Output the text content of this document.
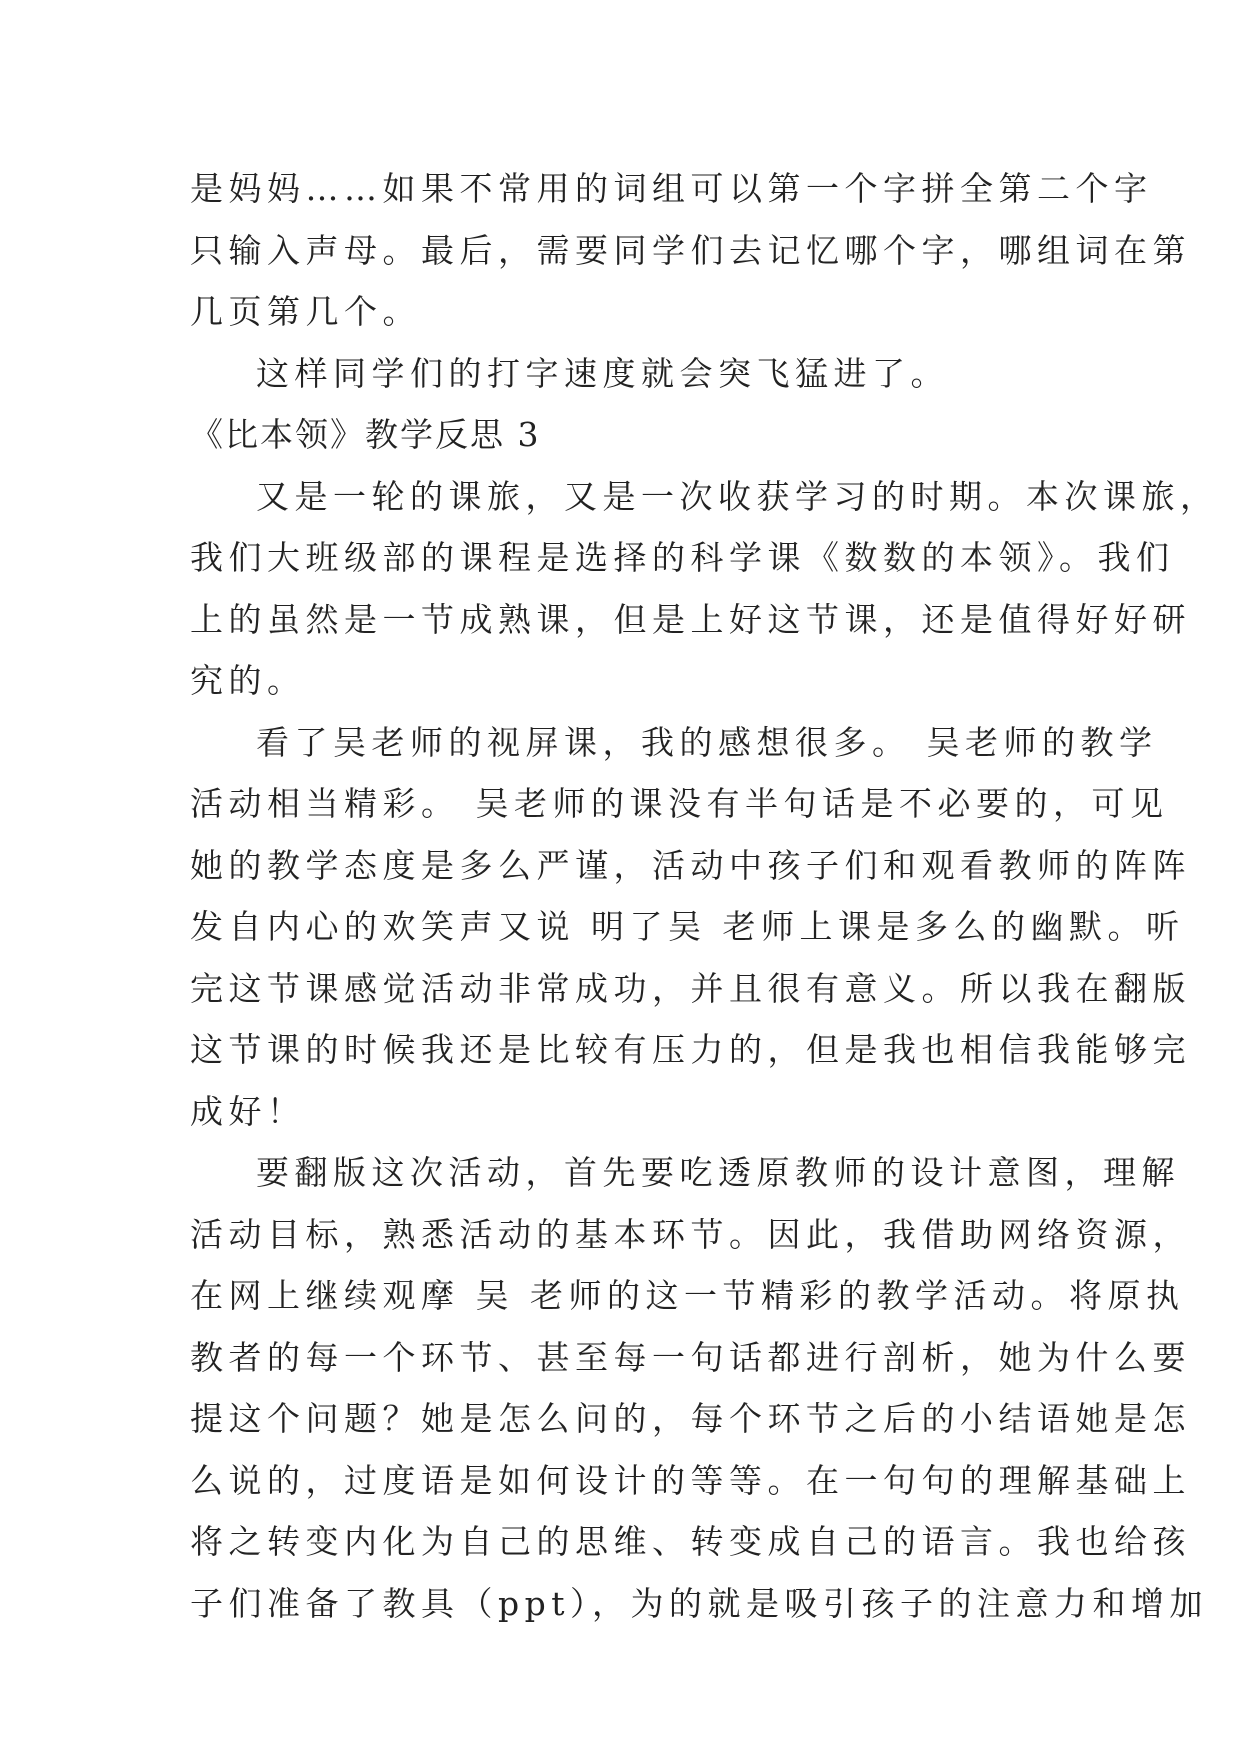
是妈妈……如果不常用的词组可以第一个字拼全第二个字
只输入声母。最后，需要同学们去记忆哪个字，哪组词在第
几页第几个。
这样同学们的打字速度就会突飞猛进了。
《比本领》教学反思 3
又是一轮的课旅，又是一次收获学习的时期。本次课旅，
我们大班级部的课程是选择的科学课《数数的本领》。我们
上的虽然是一节成熟课，但是上好这节课，还是值得好好研
究的。
看了吴老师的视屏课，我的感想很多。 吴老师的教学
活动相当精彩。 吴老师的课没有半句话是不必要的，可见
她的教学态度是多么严谨，活动中孩子们和观看教师的阵阵
发自内心的欢笑声又说 明了吴 老师上课是多么的幽默。听
完这节课感觉活动非常成功，并且很有意义。所以我在翻版
这节课的时候我还是比较有压力的，但是我也相信我能够完
成好！
要翻版这次活动，首先要吃透原教师的设计意图，理解
活动目标，熟悉活动的基本环节。因此，我借助网络资源，
在网上继续观摩 吴 老师的这一节精彩的教学活动。将原执
教者的每一个环节、甚至每一句话都进行剖析，她为什么要
提这个问题？她是怎么问的，每个环节之后的小结语她是怎
么说的，过度语是如何设计的等等。在一句句的理解基础上
将之转变内化为自己的思维、转变成自己的语言。我也给孩
子们准备了教具（ppt），为的就是吸引孩子的注意力和增加
